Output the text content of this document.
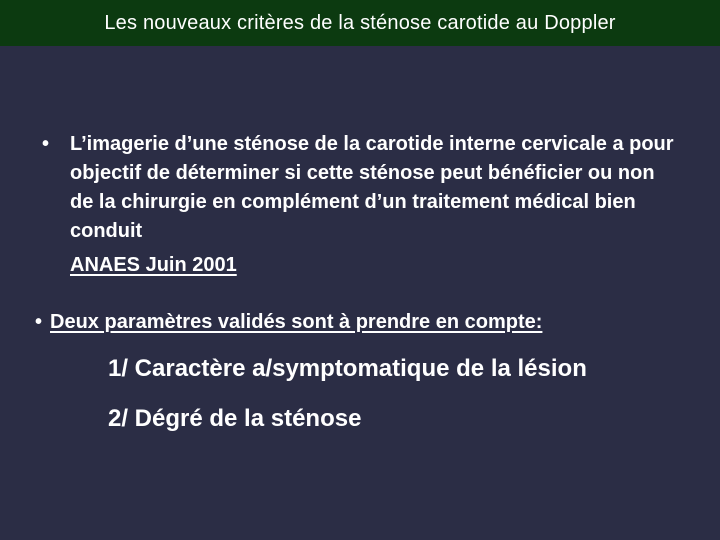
Les nouveaux critères de la sténose carotide au Doppler
•	L’imagerie d’une sténose de la carotide interne cervicale a pour objectif de déterminer si cette sténose peut bénéficier ou non de la chirurgie en complément d’un traitement médical bien conduit
ANAES Juin 2001
• Deux paramètres validés sont à prendre en compte:
1/ Caractère a/symptomatique de la lésion
2/ Dégré de la sténose
